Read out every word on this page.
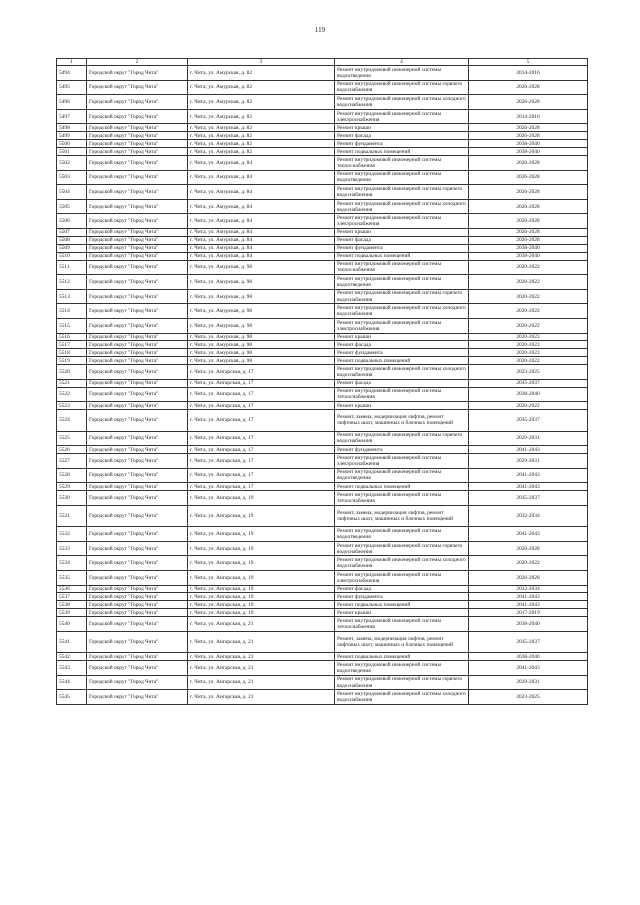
119
1	2	3	4	5
5494	Городской округ "Город Чита"	г. Чита, ул. Амурская, д. 82	Ремонт внутридомовой инженерной системы водоотведения	2014-2016
5495	Городской округ "Город Чита"	г. Чита, ул. Амурская, д. 82	Ремонт внутридомовой инженерной системы горячего водоснабжения	2026-2028
5496	Городской округ "Город Чита"	г. Чита, ул. Амурская, д. 82	Ремонт внутридомовой инженерной системы холодного водоснабжения	2026-2028
5497	Городской округ "Город Чита"	г. Чита, ул. Амурская, д. 82	Ремонт внутридомовой инженерной системы электроснабжения	2014-2016
5498	Городской округ "Город Чита"	г. Чита, ул. Амурская, д. 82	Ремонт крыши	2026-2028
5499	Городской округ "Город Чита"	г. Чита, ул. Амурская, д. 82	Ремонт фасада	2026-2028
5500	Городской округ "Город Чита"	г. Чита, ул. Амурская, д. 82	Ремонт фундамента	2038-2040
5501	Городской округ "Город Чита"	г. Чита, ул. Амурская, д. 82	Ремонт подвальных помещений	2038-2040
5502	Городской округ "Город Чита"	г. Чита, ул. Амурская, д. 84	Ремонт внутридомовой инженерной системы теплоснабжения	2026-2028
5503	Городской округ "Город Чита"	г. Чита, ул. Амурская, д. 84	Ремонт внутридомовой инженерной системы водоотведения	2026-2028
5504	Городской округ "Город Чита"	г. Чита, ул. Амурская, д. 84	Ремонт внутридомовой инженерной системы горячего водоснабжения	2026-2028
5505	Городской округ "Город Чита"	г. Чита, ул. Амурская, д. 84	Ремонт внутридомовой инженерной системы холодного водоснабжения	2026-2028
5506	Городской округ "Город Чита"	г. Чита, ул. Амурская, д. 84	Ремонт внутридомовой инженерной системы электроснабжения	2026-2028
5507	Городской округ "Город Чита"	г. Чита, ул. Амурская, д. 84	Ремонт крыши	2026-2028
5508	Городской округ "Город Чита"	г. Чита, ул. Амурская, д. 84	Ремонт фасада	2026-2028
5509	Городской округ "Город Чита"	г. Чита, ул. Амурская, д. 84	Ремонт фундамента	2038-2040
5510	Городской округ "Город Чита"	г. Чита, ул. Амурская, д. 84	Ремонт подвальных помещений	2038-2040
5511	Городской округ "Город Чита"	г. Чита, ул. Амурская, д. 98	Ремонт внутридомовой инженерной системы теплоснабжения	2020-2022
5512	Городской округ "Город Чита"	г. Чита, ул. Амурская, д. 98	Ремонт внутридомовой инженерной системы водоотведения	2020-2022
5513	Городской округ "Город Чита"	г. Чита, ул. Амурская, д. 98	Ремонт внутридомовой инженерной системы горячего водоснабжения	2020-2022
5514	Городской округ "Город Чита"	г. Чита, ул. Амурская, д. 98	Ремонт внутридомовой инженерной системы холодного водоснабжения	2020-2022
5515	Городской округ "Город Чита"	г. Чита, ул. Амурская, д. 98	Ремонт внутридомовой инженерной системы электроснабжения	2020-2022
5516	Городской округ "Город Чита"	г. Чита, ул. Амурская, д. 98	Ремонт крыши	2020-2022
5517	Городской округ "Город Чита"	г. Чита, ул. Амурская, д. 98	Ремонт фасада	2020-2022
5518	Городской округ "Город Чита"	г. Чита, ул. Амурская, д. 98	Ремонт фундамента	2020-2022
5519	Городской округ "Город Чита"	г. Чита, ул. Амурская, д. 98	Ремонт подвальных помещений	2020-2022
5520	Городской округ "Город Чита"	г. Чита, ул. Ангарская, д. 17	Ремонт внутридомовой инженерной системы холодного водоснабжения	2023-2025
5521	Городской округ "Город Чита"	г. Чита, ул. Ангарская, д. 17	Ремонт фасада	2035-2037
5522	Городской округ "Город Чита"	г. Чита, ул. Ангарская, д. 17	Ремонт внутридомовой инженерной системы теплоснабжения	2038-2040
5523	Городской округ "Город Чита"	г. Чита, ул. Ангарская, д. 17	Ремонт крыши	2020-2022
5524	Городской округ "Город Чита"	г. Чита, ул. Ангарская, д. 17	Ремонт, замена, модернизация лифтов, ремонт лифтовых шахт, машинных и блочных помещений	2035-2037
5525	Городской округ "Город Чита"	г. Чита, ул. Ангарская, д. 17	Ремонт внутридомовой инженерной системы горячего водоснабжения	2029-2031
5526	Городской округ "Город Чита"	г. Чита, ул. Ангарская, д. 17	Ремонт фундамента	2041-2043
5527	Городской округ "Город Чита"	г. Чита, ул. Ангарская, д. 17	Ремонт внутридомовой инженерной системы электроснабжения	2029-2031
5528	Городской округ "Город Чита"	г. Чита, ул. Ангарская, д. 17	Ремонт внутридомовой инженерной системы водоотведения	2041-2043
5529	Городской округ "Город Чита"	г. Чита, ул. Ангарская, д. 17	Ремонт подвальных помещений	2041-2043
5530	Городской округ "Город Чита"	г. Чита, ул. Ангарская, д. 19	Ремонт внутридомовой инженерной системы теплоснабжения	2035-2037
5531	Городской округ "Город Чита"	г. Чита, ул. Ангарская, д. 19	Ремонт, замена, модернизация лифтов, ремонт лифтовых шахт, машинных и блочных помещений	2032-2034
5532	Городской округ "Город Чита"	г. Чита, ул. Ангарская, д. 19	Ремонт внутридомовой инженерной системы водоотведения	2041-2043
5533	Городской округ "Город Чита"	г. Чита, ул. Ангарская, д. 19	Ремонт внутридомовой инженерной системы горячего водоснабжения	2026-2028
5534	Городской округ "Город Чита"	г. Чита, ул. Ангарская, д. 19	Ремонт внутридомовой инженерной системы холодного водоснабжения	2020-2022
5535	Городской округ "Город Чита"	г. Чита, ул. Ангарская, д. 19	Ремонт внутридомовой инженерной системы электроснабжения	2026-2028
5536	Городской округ "Город Чита"	г. Чита, ул. Ангарская, д. 19	Ремонт фасада	2032-2034
5537	Городской округ "Город Чита"	г. Чита, ул. Ангарская, д. 19	Ремонт фундамента	2041-2043
5538	Городской округ "Город Чита"	г. Чита, ул. Ангарская, д. 19	Ремонт подвальных помещений	2041-2043
5539	Городской округ "Город Чита"	г. Чита, ул. Ангарская, д. 19	Ремонт крыши	2017-2019
5540	Городской округ "Город Чита"	г. Чита, ул. Ангарская, д. 21	Ремонт внутридомовой инженерной системы теплоснабжения	2038-2040
5541	Городской округ "Город Чита"	г. Чита, ул. Ангарская, д. 21	Ремонт, замена, модернизация лифтов, ремонт лифтовых шахт, машинных и блочных помещений	2035-2037
5542	Городской округ "Город Чита"	г. Чита, ул. Ангарская, д. 21	Ремонт подвальных помещений	2038-2040
5543	Городской округ "Город Чита"	г. Чита, ул. Ангарская, д. 21	Ремонт внутридомовой инженерной системы водоотведения	2041-2043
5544	Городской округ "Город Чита"	г. Чита, ул. Ангарская, д. 21	Ремонт внутридомовой инженерной системы горячего водоснабжения	2029-2031
5545	Городской округ "Город Чита"	г. Чита, ул. Ангарская, д. 21	Ремонт внутридомовой инженерной системы холодного водоснабжения	2023-2025
